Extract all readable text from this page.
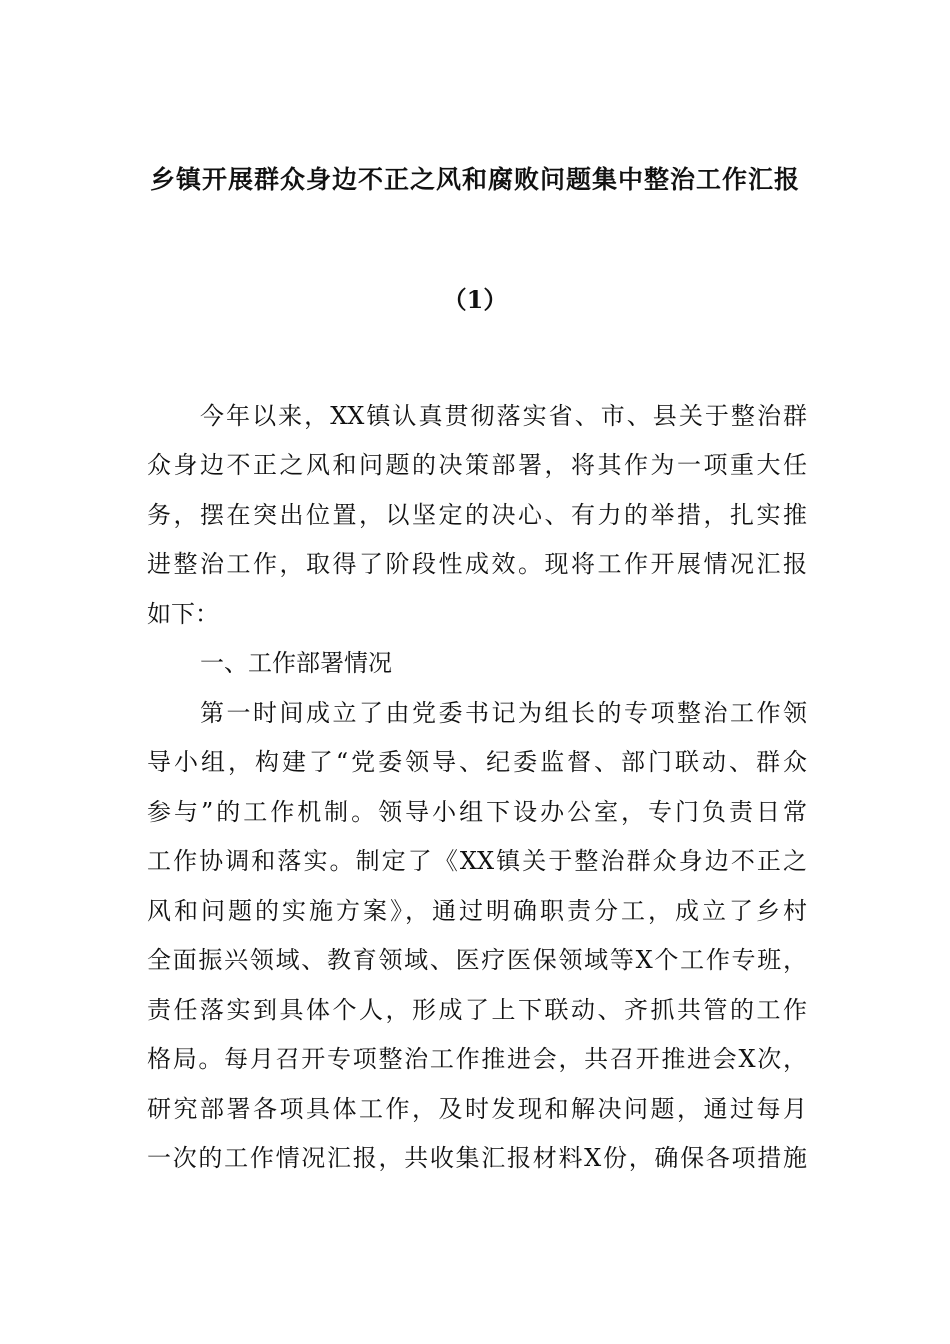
乡镇开展群众身边不正之风和腐败问题集中整治工作汇报
（1）
今年以来，XX镇认真贯彻落实省、市、县关于整治群
众身边不正之风和问题的决策部署，将其作为一项重大任
务，摆在突出位置，以坚定的决心、有力的举措，扎实推
进整治工作，取得了阶段性成效。现将工作开展情况汇报
如下：
一、工作部署情况
第一时间成立了由党委书记为组长的专项整治工作领
导小组，构建了“党委领导、纪委监督、部门联动、群众
参与”的工作机制。领导小组下设办公室，专门负责日常
工作协调和落实。制定了《XX镇关于整治群众身边不正之
风和问题的实施方案》，通过明确职责分工，成立了乡村
全面振兴领域、教育领域、医疗医保领域等X个工作专班，
责任落实到具体个人，形成了上下联动、齐抓共管的工作
格局。每月召开专项整治工作推进会，共召开推进会X次，
研究部署各项具体工作，及时发现和解决问题，通过每月
一次的工作情况汇报，共收集汇报材料X份，确保各项措施
